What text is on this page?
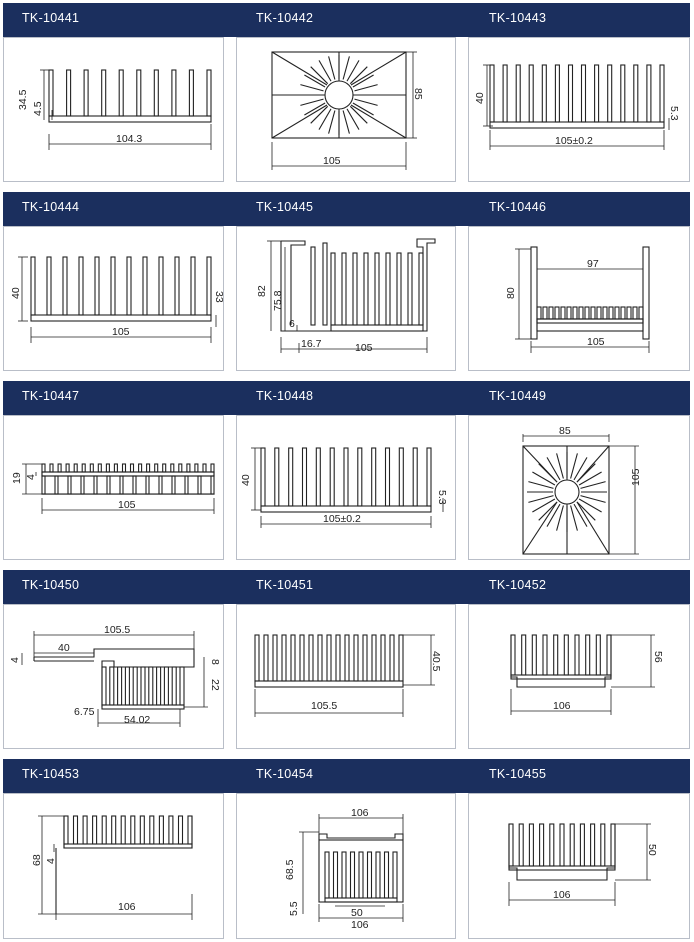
TK-10441	TK-10442	TK-10443
34.5 4.5
104.3
85
105
40
5.3
105±0.2
TK-10444	TK-10445	TK-10446
40	33
105
82 75.8
6
16.7	105
80
97
105
TK-10447	TK-10448	TK-10449
19 4
105
40
5.3
105±0.2
85
105
TK-10450	TK-10451	TK-10452
105.5
40
4	8
22
6.75
54.02
40.5
105.5
56
106
TK-10453	TK-10454	TK-10455
68 4
106
106
68.5
5.5	50
106
50
106
